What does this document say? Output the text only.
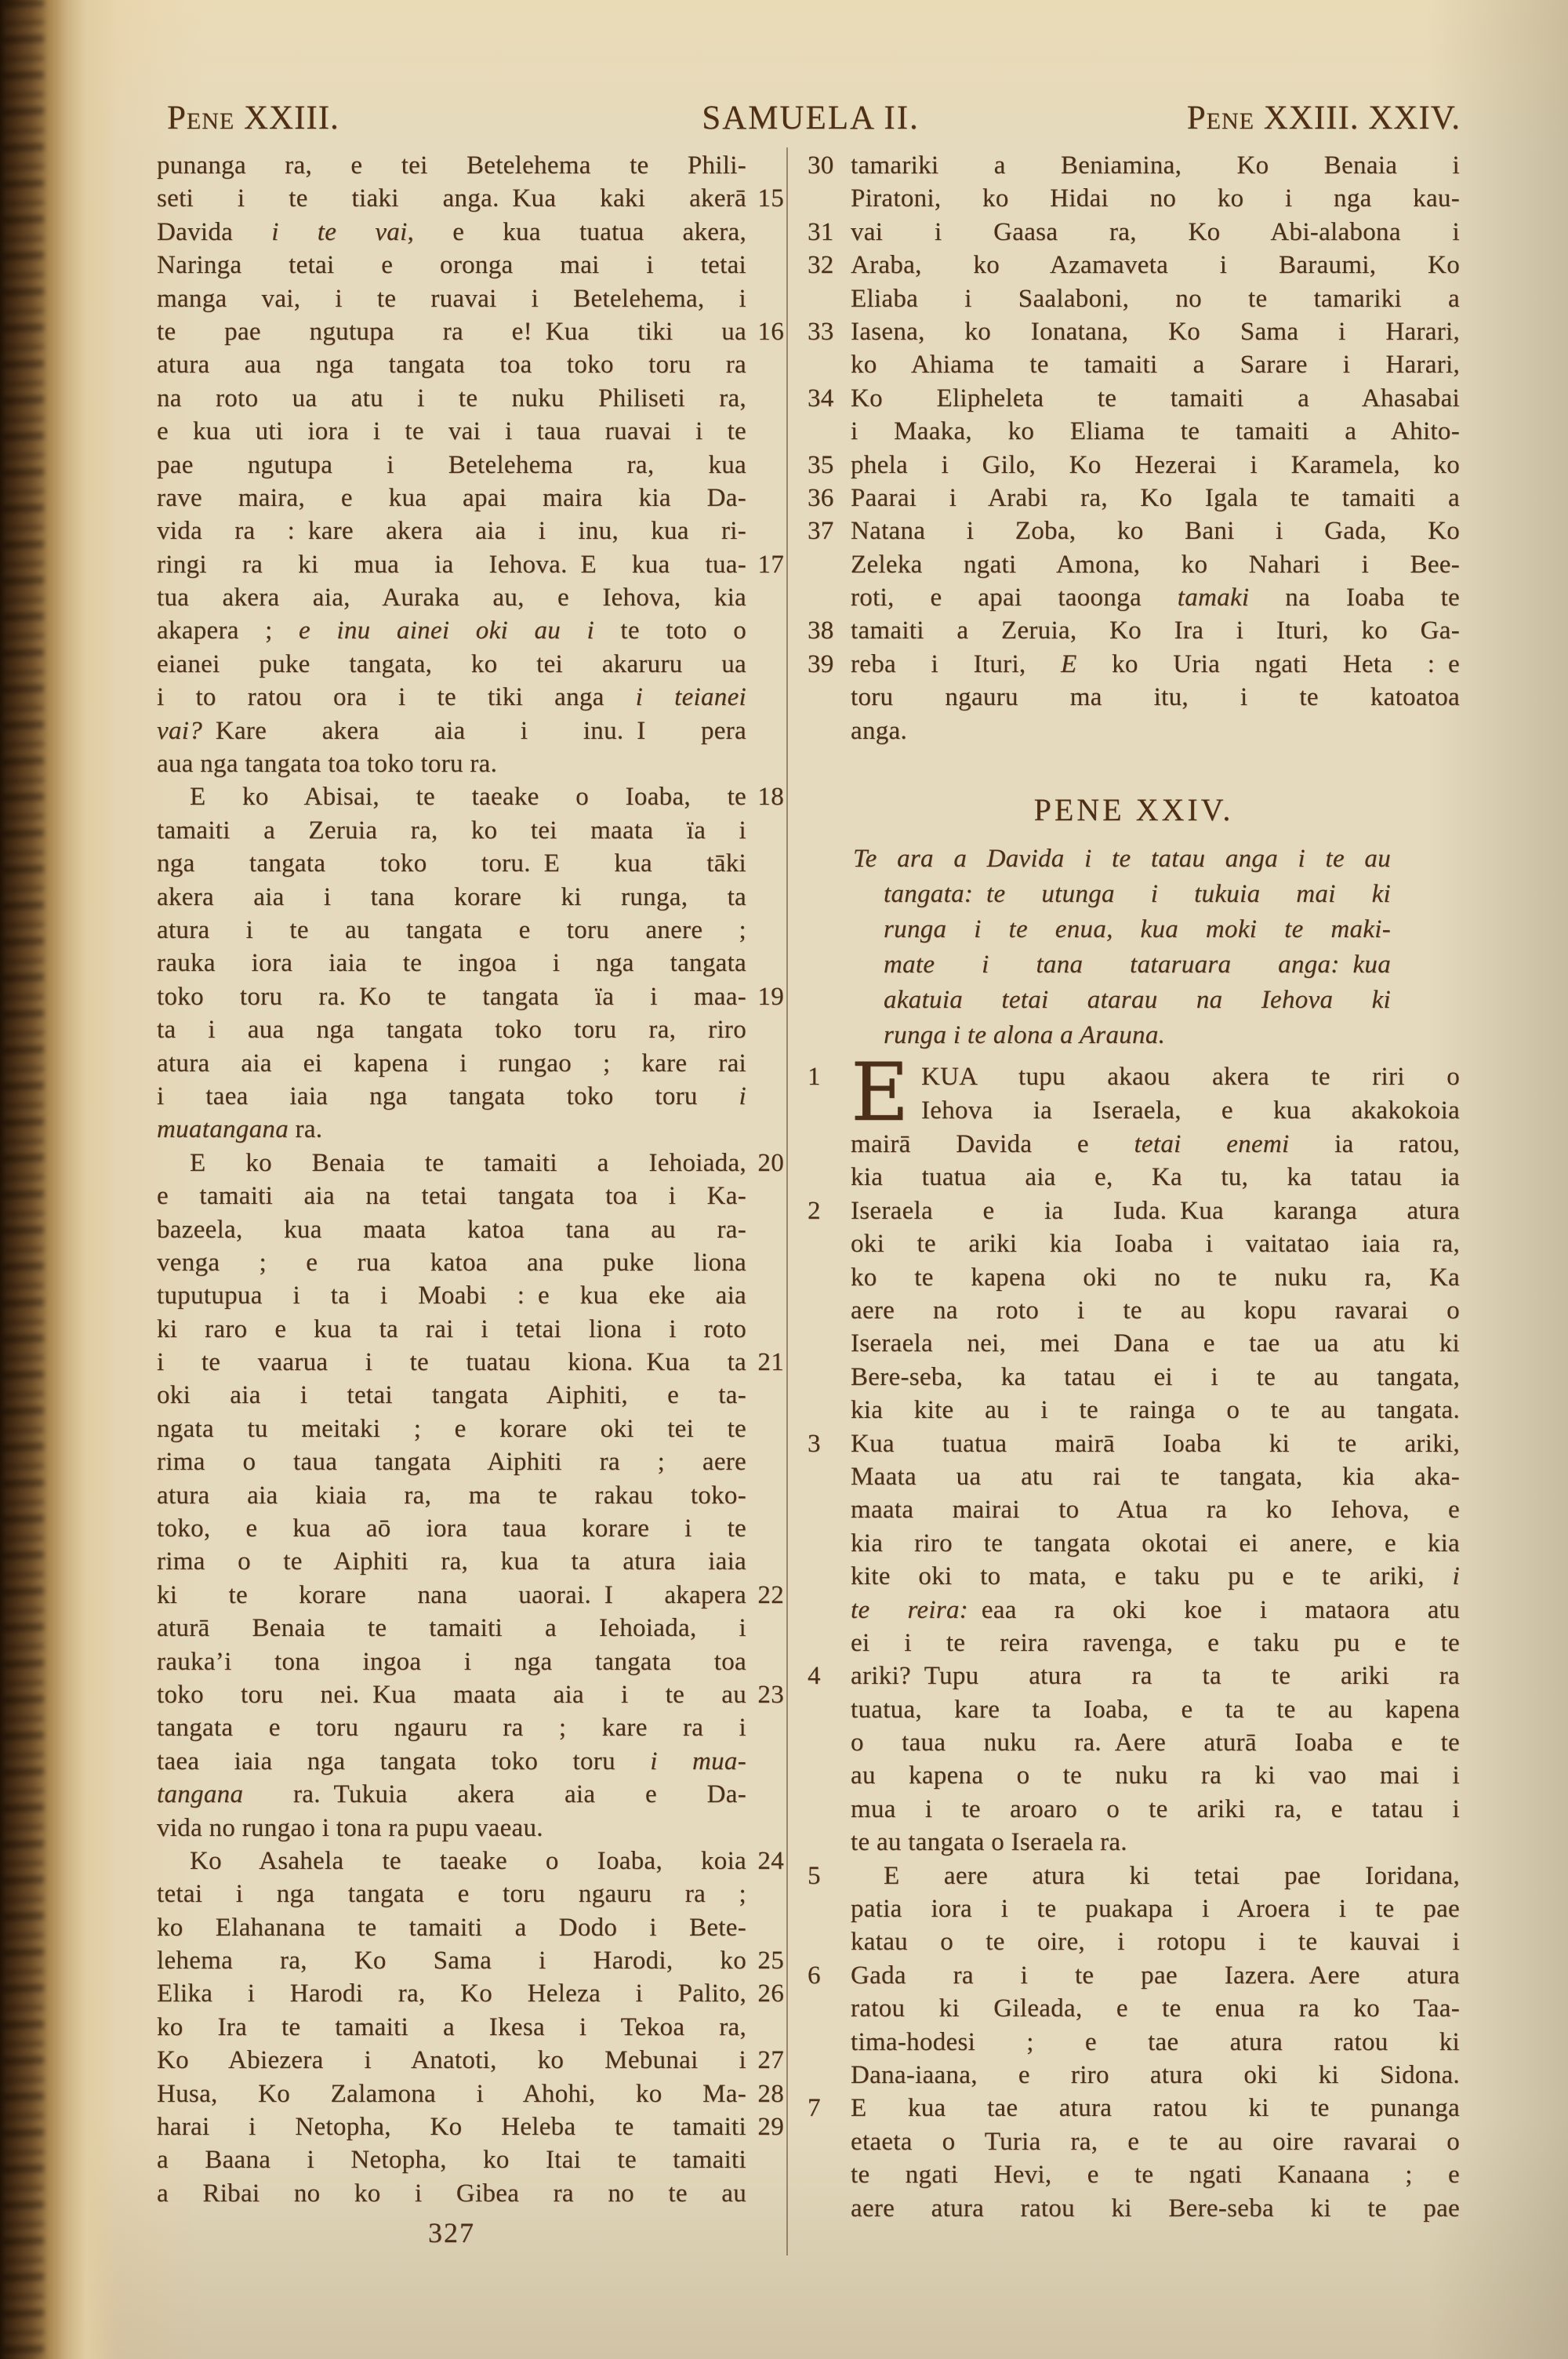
Pene XXIII.	SAMUELA II.	Pene XXIII. XXIV.
punanga ra, e tei Betelehema te Phili-
seti i te tiaki anga. Kua kaki akerā 15
Davida i te vai, e kua tuatua akera,
Naringa tetai e oronga mai i tetai
manga vai, i te ruavai i Betelehema, i
te pae ngutupa ra e! Kua tiki ua 16
atura aua nga tangata toa toko toru ra
na roto ua atu i te nuku Philiseti ra,
e kua uti iora i te vai i taua ruavai i te
pae ngutupa i Betelehema ra, kua
rave maira, e kua apai maira kia Da-
vida ra : kare akera aia i inu, kua ri-
ringi ra ki mua ia Iehova. E kua tua- 17
tua akera aia, Auraka au, e Iehova, kia
akapera ; e inu ainei oki au i te toto o
eianei puke tangata, ko tei akaruru ua
i to ratou ora i te tiki anga i teianei
vai? Kare akera aia i inu. I pera
aua nga tangata toa toko toru ra.
E ko Abisai, te taeake o Ioaba, te 18
tamaiti a Zeruia ra, ko tei maata ïa i
nga tangata toko toru. E kua tāki
akera aia i tana korare ki runga, ta
atura i te au tangata e toru anere ;
rauka iora iaia te ingoa i nga tangata
toko toru ra. Ko te tangata ïa i maa- 19
ta i aua nga tangata toko toru ra, riro
atura aia ei kapena i rungao ; kare rai
i taea iaia nga tangata toko toru i
muatangana ra.
E ko Benaia te tamaiti a Iehoiada, 20
e tamaiti aia na tetai tangata toa i Ka-
bazeela, kua maata katoa tana au ra-
venga ; e rua katoa ana puke liona
tuputupua i ta i Moabi : e kua eke aia
ki raro e kua ta rai i tetai liona i roto
i te vaarua i te tuatau kiona. Kua ta 21
oki aia i tetai tangata Aiphiti, e ta-
ngata tu meitaki ; e korare oki tei te
rima o taua tangata Aiphiti ra ; aere
atura aia kiaia ra, ma te rakau toko-
toko, e kua aō iora taua korare i te
rima o te Aiphiti ra, kua ta atura iaia
ki te korare nana uaorai. I akapera 22
aturā Benaia te tamaiti a Iehoiada, i
rauka’i tona ingoa i nga tangata toa
toko toru nei. Kua maata aia i te au 23
tangata e toru ngauru ra ; kare ra i
taea iaia nga tangata toko toru i mua-
tangana ra. Tukuia akera aia e Da-
vida no rungao i tona ra pupu vaeau.
Ko Asahela te taeake o Ioaba, koia 24
tetai i nga tangata e toru ngauru ra ;
ko Elahanana te tamaiti a Dodo i Bete-
lehema ra, Ko Sama i Harodi, ko 25
Elika i Harodi ra, Ko Heleza i Palito, 26
ko Ira te tamaiti a Ikesa i Tekoa ra,
Ko Abiezera i Anatoti, ko Mebunai i 27
Husa, Ko Zalamona i Ahohi, ko Ma- 28
harai i Netopha, Ko Heleba te tamaiti 29
a Baana i Netopha, ko Itai te tamaiti
a Ribai no ko i Gibea ra no te au
30 tamariki a Beniamina, Ko Benaia i
Piratoni, ko Hidai no ko i nga kau-
31 vai i Gaasa ra, Ko Abi-alabona i
32 Araba, ko Azamaveta i Baraumi, Ko
Eliaba i Saalaboni, no te tamariki a
33 Iasena, ko Ionatana, Ko Sama i Harari,
ko Ahiama te tamaiti a Sarare i Harari,
34 Ko Elipheleta te tamaiti a Ahasabai
i Maaka, ko Eliama te tamaiti a Ahito-
35 phela i Gilo, Ko Hezerai i Karamela, ko
36 Paarai i Arabi ra, Ko Igala te tamaiti a
37 Natana i Zoba, ko Bani i Gada, Ko
Zeleka ngati Amona, ko Nahari i Bee-
roti, e apai taoonga tamaki na Ioaba te
38 tamaiti a Zeruia, Ko Ira i Ituri, ko Ga-
39 reba i Ituri, E ko Uria ngati Heta : e
toru ngauru ma itu, i te katoatoa
anga.
PENE XXIV.
Te ara a Davida i te tatau anga i te au
tangata: te utunga i tukuia mai ki
runga i te enua, kua moki te maki-
mate i tana tataruara anga: kua
akatuia tetai atarau na Iehova ki
runga i te alona a Arauna.
1 E KUA tupu akaou akera te riri o
Iehova ia Iseraela, e kua akakokoia
mairā Davida e tetai enemi ia ratou,
kia tuatua aia e, Ka tu, ka tatau ia
2	Iseraela e ia Iuda. Kua karanga atura
oki te ariki kia Ioaba i vaitatao iaia ra,
ko te kapena oki no te nuku ra, Ka
aere na roto i te au kopu ravarai o
Iseraela nei, mei Dana e tae ua atu ki
Bere-seba, ka tatau ei i te au tangata,
kia kite au i te rainga o te au tangata.
3	Kua tuatua mairā Ioaba ki te ariki,
Maata ua atu rai te tangata, kia aka-
maata mairai to Atua ra ko Iehova, e
kia riro te tangata okotai ei anere, e kia
kite oki to mata, e taku pu e te ariki, i
te reira: eaa ra oki koe i mataora atu
ei i te reira ravenga, e taku pu e te
4	ariki? Tupu atura ra ta te ariki ra
tuatua, kare ta Ioaba, e ta te au kapena
o taua nuku ra. Aere aturā Ioaba e te
au kapena o te nuku ra ki vao mai i
mua i te aroaro o te ariki ra, e tatau i
te au tangata o Iseraela ra.
5	E aere atura ki tetai pae Ioridana,
patia iora i te puakapa i Aroera i te pae
katau o te oire, i rotopu i te kauvai i
6	Gada ra i te pae Iazera. Aere atura
ratou ki Gileada, e te enua ra ko Taa-
tima-hodesi ; e tae atura ratou ki
Dana-iaana, e riro atura oki ki Sidona.
7	E kua tae atura ratou ki te punanga
etaeta o Turia ra, e te au oire ravarai o
te ngati Hevi, e te ngati Kanaana ; e
aere atura ratou ki Bere-seba ki te pae
327
